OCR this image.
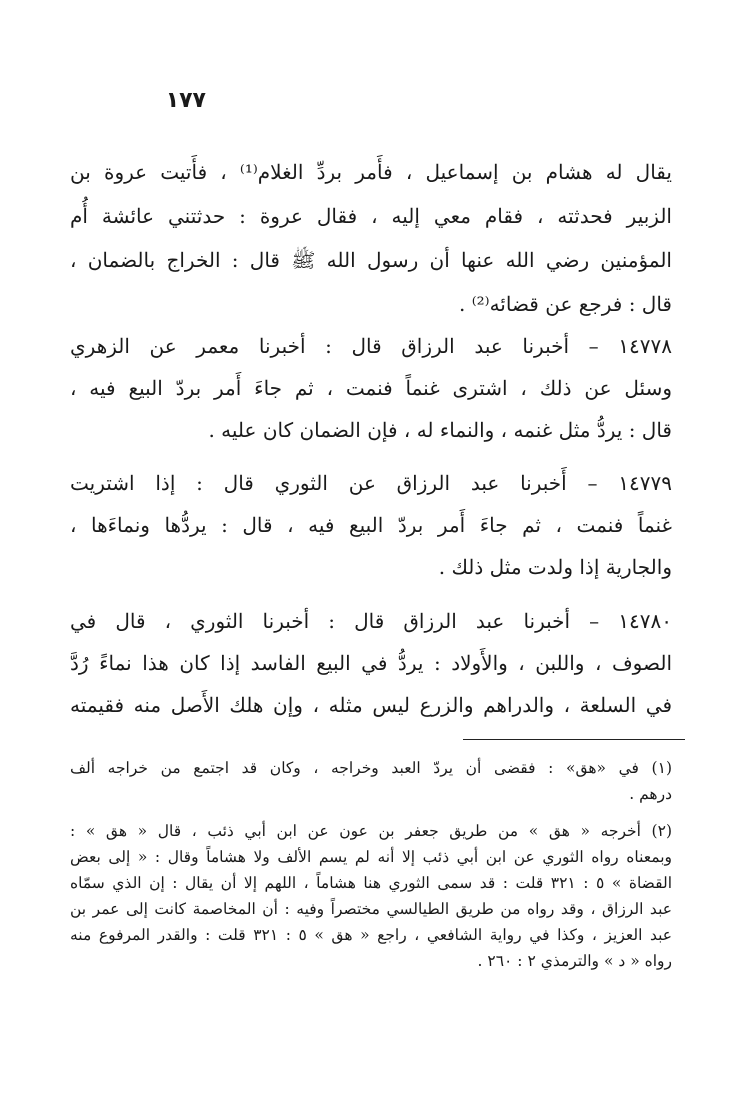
١٧٧
يقال له هشام بن إسماعيل ، فأَمر بردِّ الغلام⁽¹⁾ ، فأَتيت عروة بن
الزبير فحدثته ، فقام معي إليه ، فقال عروة : حدثتني عائشة أُم
المؤمنين رضي الله عنها أن رسول الله ﷺ قال : الخراج بالضمان ،
قال : فرجع عن قضائه⁽²⁾ .
١٤٧٧٨ – أخبرنا عبد الرزاق قال : أخبرنا معمر عن الزهري
وسئل عن ذلك ، اشترى غنماً فنمت ، ثم جاءَ أَمر بردّ البيع فيه ،
قال : يردُّ مثل غنمه ، والنماء له ، فإن الضمان كان عليه .
١٤٧٧٩ – أَخبرنا عبد الرزاق عن الثوري قال : إذا اشتريت
غنماً فنمت ، ثم جاءَ أَمر بردّ البيع فيه ، قال : يردُّها ونماءَها ،
والجارية إذا ولدت مثل ذلك .
١٤٧٨٠ – أخبرنا عبد الرزاق قال : أخبرنا الثوري ، قال في
الصوف ، واللبن ، والأَولاد : يردُّ في البيع الفاسد إذا كان هذا نماءً رُدَّ
في السلعة ، والدراهم والزرع ليس مثله ، وإن هلك الأَصل منه فقيمته
(١) في «هق» : فقضى أن يردّ العبد وخراجه ، وكان قد اجتمع من خراجه ألف
درهم .
(٢) أخرجه « هق » من طريق جعفر بن عون عن ابن أبي ذئب ، قال « هق » :
وبمعناه رواه الثوري عن ابن أبي ذئب إلا أنه لم يسم الألف ولا هشاماً وقال : « إلى بعض
القضاة » ٥ : ٣٢١ قلت : قد سمى الثوري هنا هشاماً ، اللهم إلا أن يقال : إن الذي سمّاه
عبد الرزاق ، وقد رواه من طريق الطيالسي مختصراً وفيه : أن المخاصمة كانت إلى عمر بن
عبد العزيز ، وكذا في رواية الشافعي ، راجع « هق » ٥ : ٣٢١ قلت : والقدر المرفوع منه
رواه « د » والترمذي ٢ : ٢٦٠ .
